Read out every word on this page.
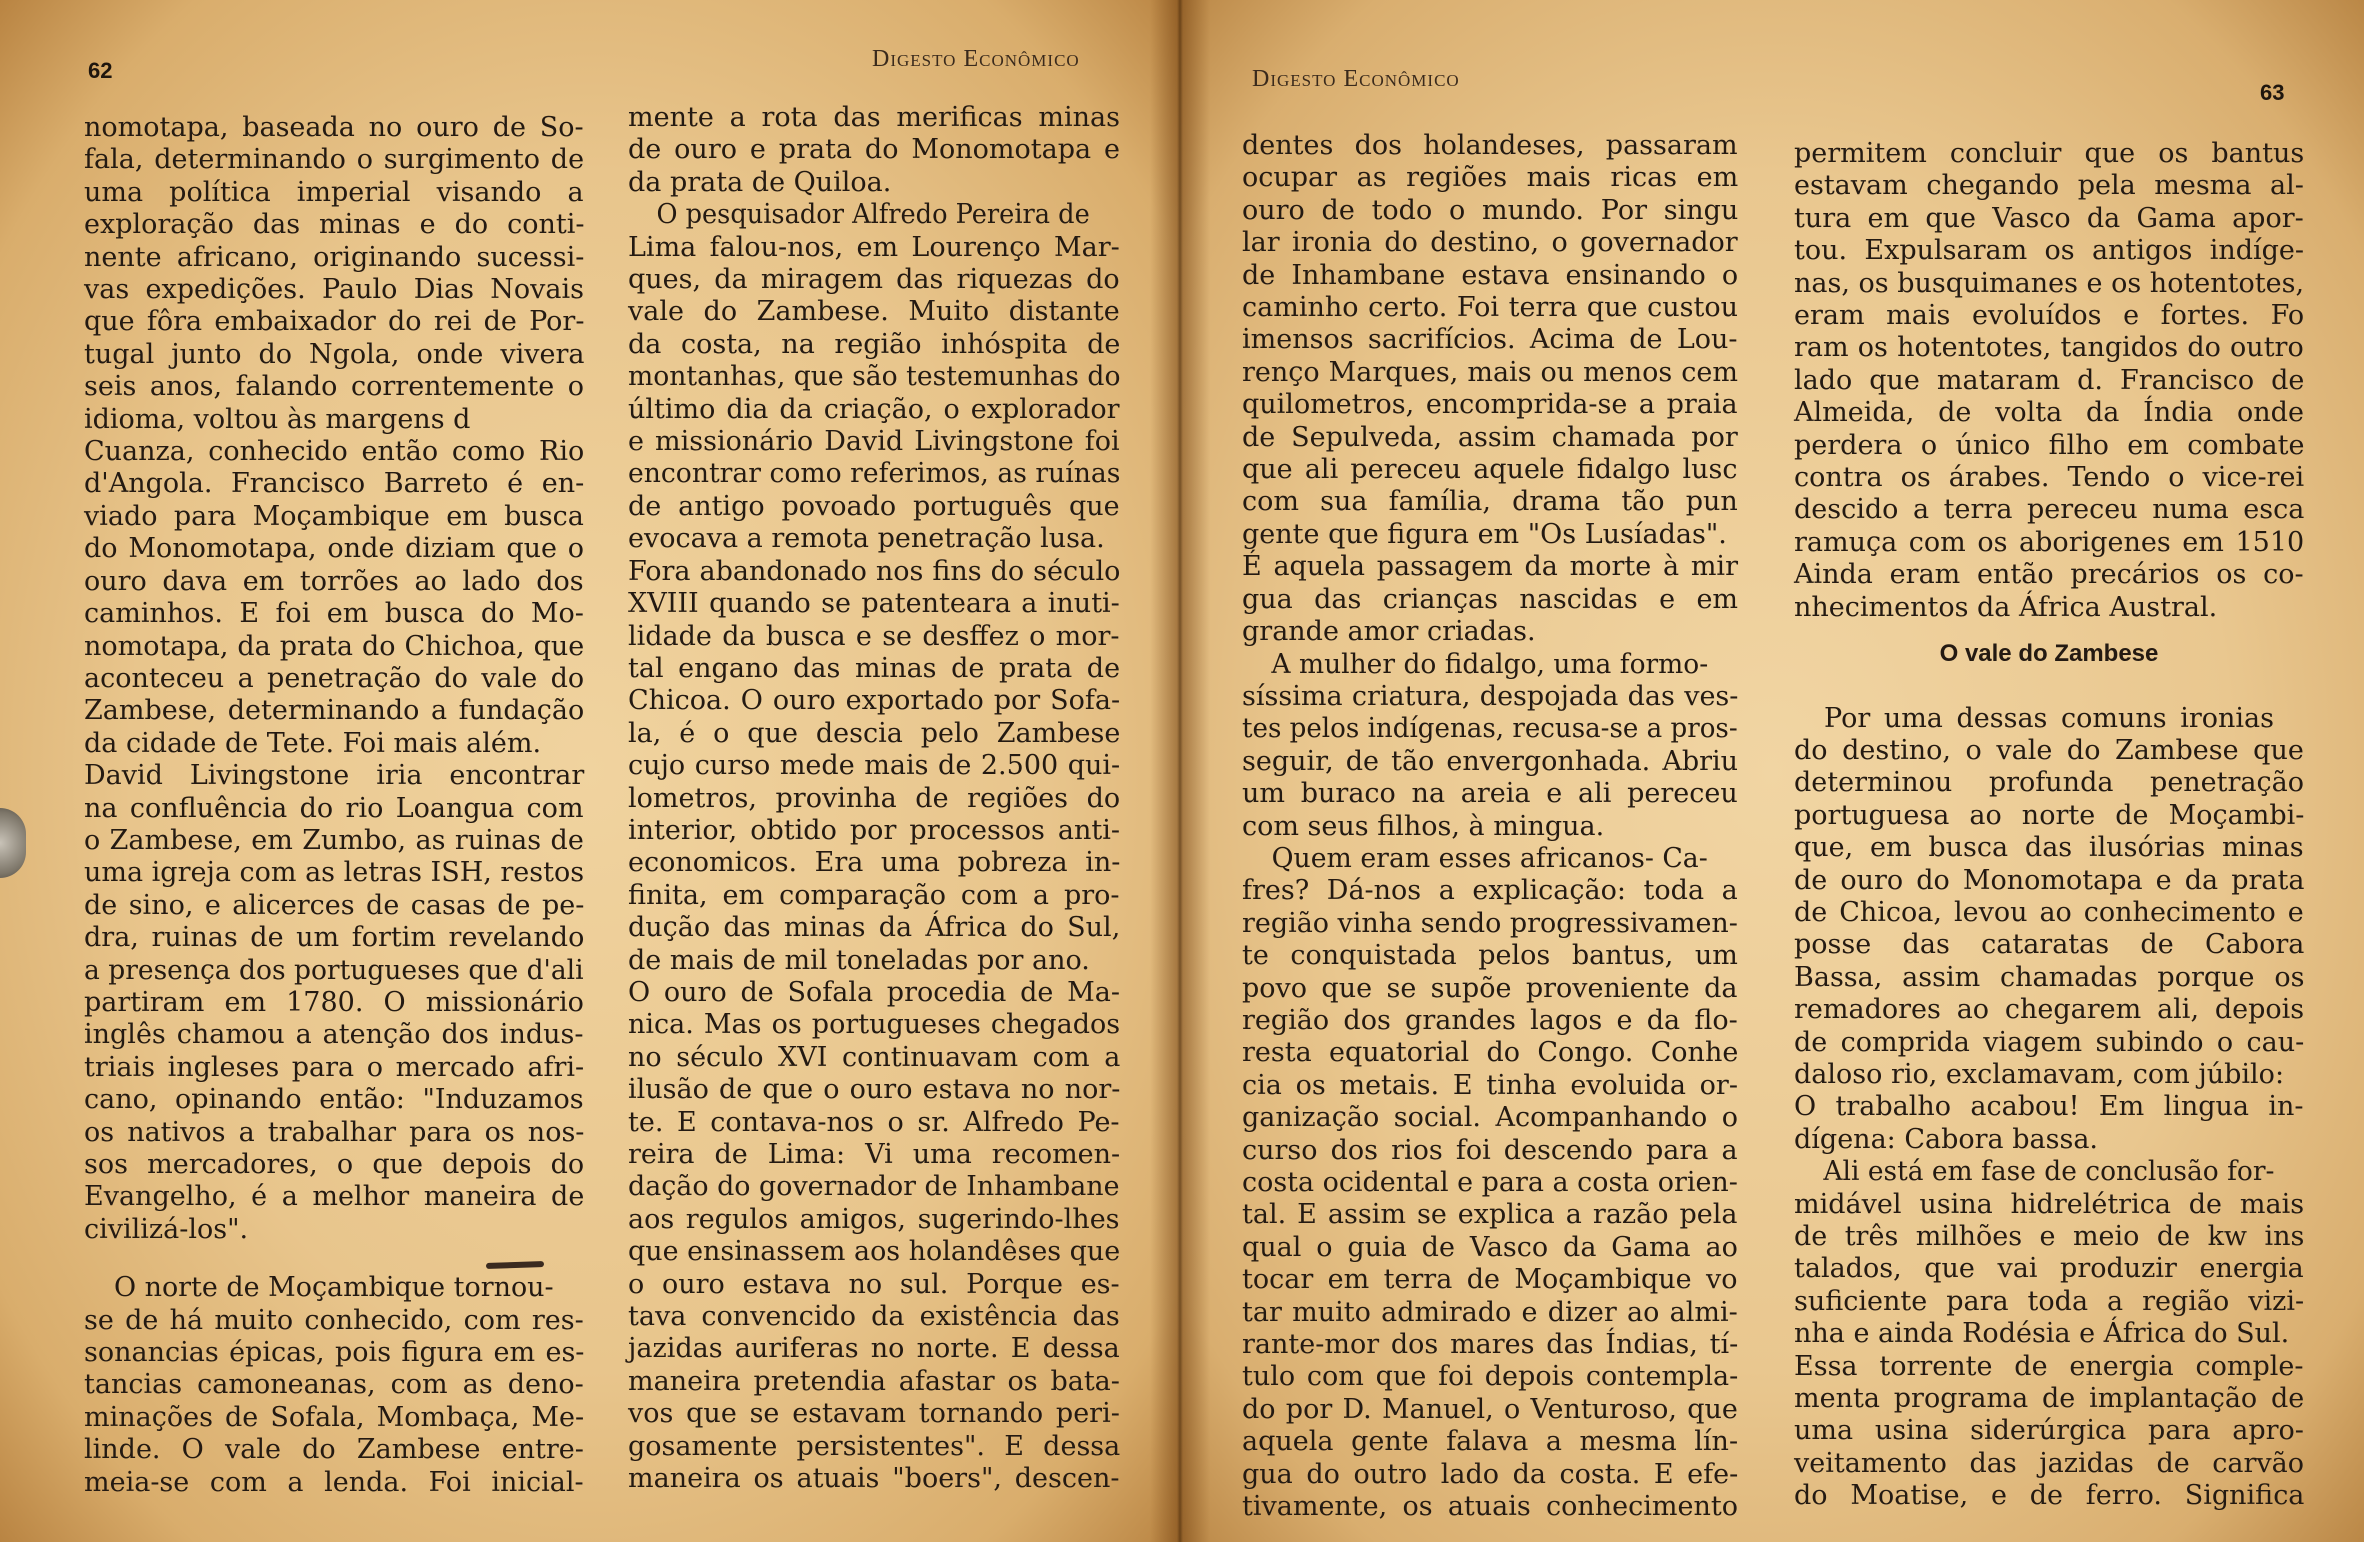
62	Digesto Econômico
nomotapa, baseada no ouro de So-
fala, determinando o surgimento de
uma política imperial visando a
exploração das minas e do conti-
nente africano, originando sucessi-
vas expedições. Paulo Dias Novais
que fôra embaixador do rei de Por-
tugal junto do Ngola, onde vivera
seis anos, falando correntemente o
idioma, voltou às margens d
Cuanza, conhecido então como Rio
d'Angola. Francisco Barreto é en-
viado para Moçambique em busca
do Monomotapa, onde diziam que o
ouro dava em torrões ao lado dos
caminhos. E foi em busca do Mo-
nomotapa, da prata do Chichoa, que
aconteceu a penetração do vale do
Zambese, determinando a fundação
da cidade de Tete. Foi mais além.
David Livingstone iria encontrar
na confluência do rio Loangua com
o Zambese, em Zumbo, as ruinas de
uma igreja com as letras ISH, restos
de sino, e alicerces de casas de pe-
dra, ruinas de um fortim revelando
a presença dos portugueses que d'ali
partiram em 1780. O missionário
inglês chamou a atenção dos indus-
triais ingleses para o mercado afri-
cano, opinando então: "Induzamos
os nativos a trabalhar para os nos-
sos mercadores, o que depois do
Evangelho, é a melhor maneira de
civilizá-los".
O norte de Moçambique tornou-
se de há muito conhecido, com res-
sonancias épicas, pois figura em es-
tancias camoneanas, com as deno-
minações de Sofala, Mombaça, Me-
linde. O vale do Zambese entre-
meia-se com a lenda. Foi inicial-
mente a rota das merificas minas
de ouro e prata do Monomotapa e
da prata de Quiloa.
O pesquisador Alfredo Pereira de
Lima falou-nos, em Lourenço Mar-
ques, da miragem das riquezas do
vale do Zambese. Muito distante
da costa, na região inhóspita de
montanhas, que são testemunhas do
último dia da criação, o explorador
e missionário David Livingstone foi
encontrar como referimos, as ruínas
de antigo povoado português que
evocava a remota penetração lusa.
Fora abandonado nos fins do século
XVIII quando se patenteara a inuti-
lidade da busca e se desffez o mor-
tal engano das minas de prata de
Chicoa. O ouro exportado por Sofa-
la, é o que descia pelo Zambese
cujo curso mede mais de 2.500 qui-
lometros, provinha de regiões do
interior, obtido por processos anti-
economicos. Era uma pobreza in-
finita, em comparação com a pro-
dução das minas da África do Sul,
de mais de mil toneladas por ano.
O ouro de Sofala procedia de Ma-
nica. Mas os portugueses chegados
no século XVI continuavam com a
ilusão de que o ouro estava no nor-
te. E contava-nos o sr. Alfredo Pe-
reira de Lima: Vi uma recomen-
dação do governador de Inhambane
aos regulos amigos, sugerindo-lhes
que ensinassem aos holandêses que
o ouro estava no sul. Porque es-
tava convencido da existência das
jazidas auriferas no norte. E dessa
maneira pretendia afastar os bata-
vos que se estavam tornando peri-
gosamente persistentes". E dessa
maneira os atuais "boers", descen-
Digesto Econômico
63
dentes dos holandeses, passaram
ocupar as regiões mais ricas em
ouro de todo o mundo. Por singu
lar ironia do destino, o governador
de Inhambane estava ensinando o
caminho certo. Foi terra que custou
imensos sacrifícios. Acima de Lou-
renço Marques, mais ou menos cem
quilometros, encomprida-se a praia
de Sepulveda, assim chamada por
que ali pereceu aquele fidalgo lusc
com sua família, drama tão pun
gente que figura em "Os Lusíadas".
É aquela passagem da morte à mir
gua das crianças nascidas e em
grande amor criadas.
A mulher do fidalgo, uma formo-
síssima criatura, despojada das ves-
tes pelos indígenas, recusa-se a pros-
seguir, de tão envergonhada. Abriu
um buraco na areia e ali pereceu
com seus filhos, à mingua.
Quem eram esses africanos- Ca-
fres? Dá-nos a explicação: toda a
região vinha sendo progressivamen-
te conquistada pelos bantus, um
povo que se supõe proveniente da
região dos grandes lagos e da flo-
resta equatorial do Congo. Conhe
cia os metais. E tinha evoluida or-
ganização social. Acompanhando o
curso dos rios foi descendo para a
costa ocidental e para a costa orien-
tal. E assim se explica a razão pela
qual o guia de Vasco da Gama ao
tocar em terra de Moçambique vo
tar muito admirado e dizer ao almi-
rante-mor dos mares das Índias, tí-
tulo com que foi depois contempla-
do por D. Manuel, o Venturoso, que
aquela gente falava a mesma lín-
gua do outro lado da costa. E efe-
tivamente, os atuais conhecimento
permitem concluir que os bantus
estavam chegando pela mesma al-
tura em que Vasco da Gama apor-
tou. Expulsaram os antigos indíge-
nas, os busquimanes e os hotentotes,
eram mais evoluídos e fortes. Fo
ram os hotentotes, tangidos do outro
lado que mataram d. Francisco de
Almeida, de volta da Índia onde
perdera o único filho em combate
contra os árabes. Tendo o vice-rei
descido a terra pereceu numa esca
ramuça com os aborigenes em 1510
Ainda eram então precários os co-
nhecimentos da África Austral.
O vale do Zambese
Por uma dessas comuns ironias
do destino, o vale do Zambese que
determinou profunda penetração
portuguesa ao norte de Moçambi-
que, em busca das ilusórias minas
de ouro do Monomotapa e da prata
de Chicoa, levou ao conhecimento e
posse das cataratas de Cabora
Bassa, assim chamadas porque os
remadores ao chegarem ali, depois
de comprida viagem subindo o cau-
daloso rio, exclamavam, com júbilo:
O trabalho acabou! Em lingua in-
dígena: Cabora bassa.
Ali está em fase de conclusão for-
midável usina hidrelétrica de mais
de três milhões e meio de kw ins
talados, que vai produzir energia
suficiente para toda a região vizi-
nha e ainda Rodésia e África do Sul.
Essa torrente de energia comple-
menta programa de implantação de
uma usina siderúrgica para apro-
veitamento das jazidas de carvão
do Moatise, e de ferro. Significa
